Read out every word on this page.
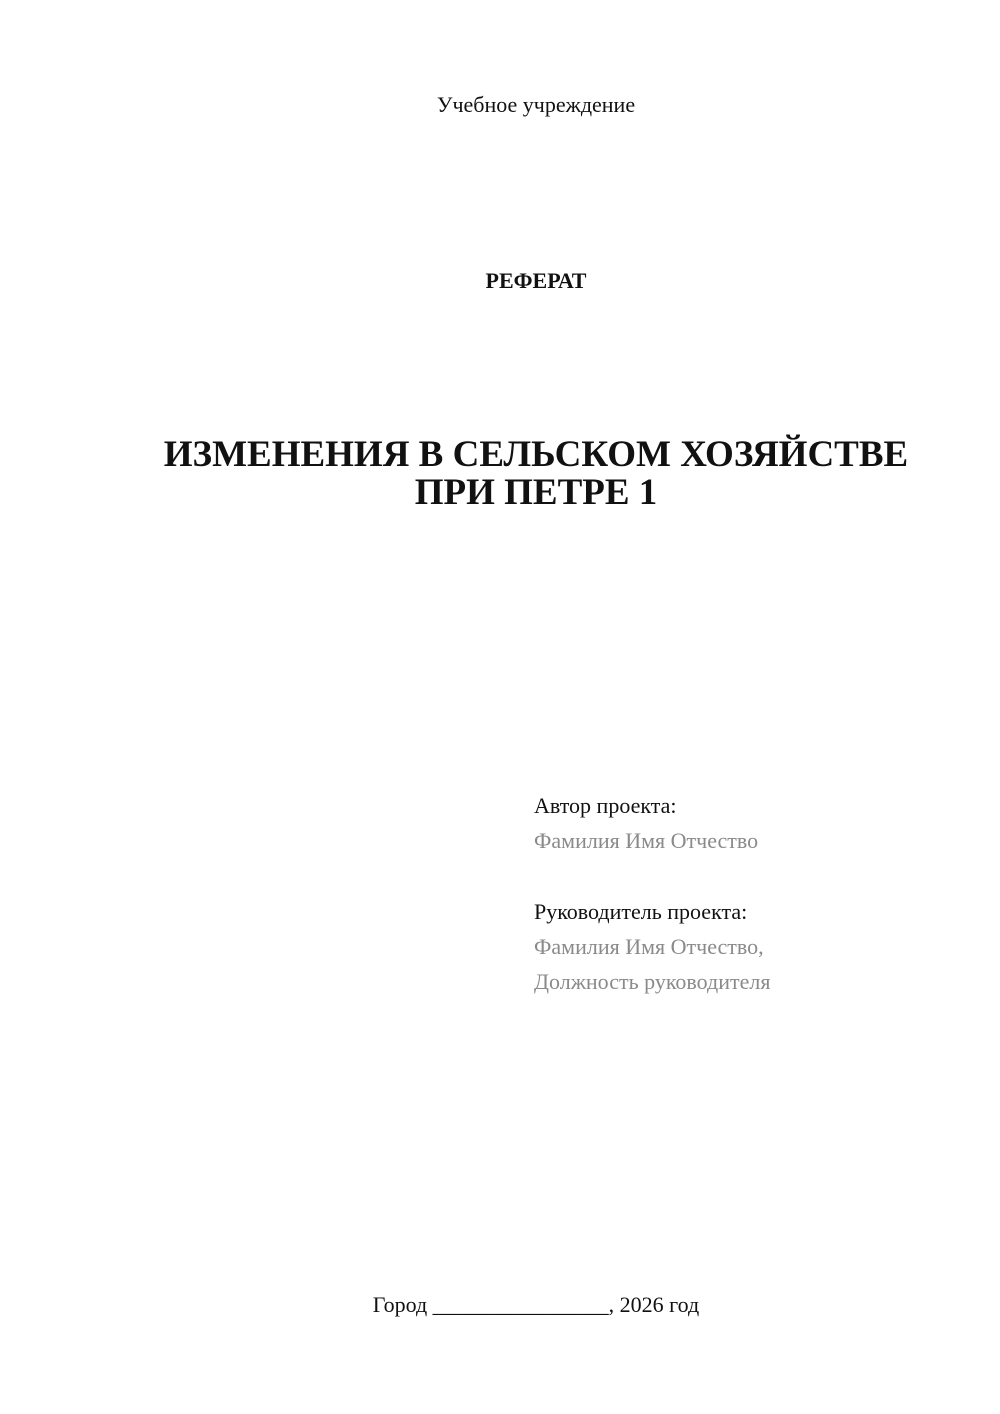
Учебное учреждение
РЕФЕРАТ
ИЗМЕНЕНИЯ В СЕЛЬСКОМ ХОЗЯЙСТВЕ
ПРИ ПЕТРЕ 1
Автор проекта:
Фамилия Имя Отчество
Руководитель проекта:
Фамилия Имя Отчество,
Должность руководителя
Город ________________, 2026 год
